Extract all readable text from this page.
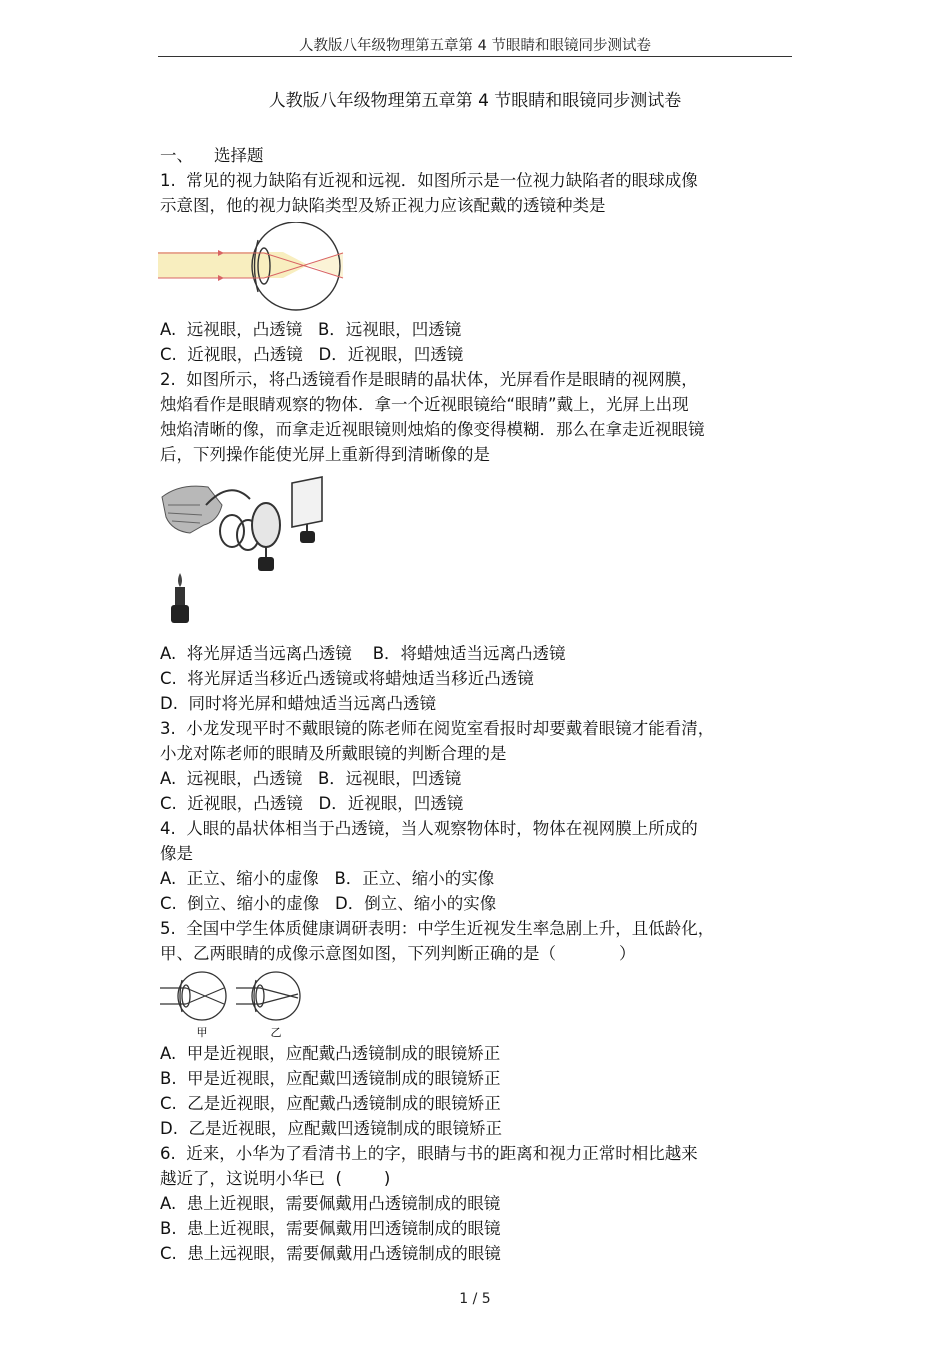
人教版八年级物理第五章第 4 节眼睛和眼镜同步测试卷
人教版八年级物理第五章第 4 节眼睛和眼镜同步测试卷
一、    选择题
1.  常见的视力缺陷有近视和远视．如图所示是一位视力缺陷者的眼球成像
示意图，他的视力缺陷类型及矫正视力应该配戴的透镜种类是
A.  远视眼，凸透镜   B．远视眼，凹透镜
C.  近视眼，凸透镜   D．近视眼，凹透镜
2.  如图所示，将凸透镜看作是眼睛的晶状体，光屏看作是眼睛的视网膜，
烛焰看作是眼睛观察的物体．拿一个近视眼镜给“眼睛”戴上，光屏上出现
烛焰清晰的像，而拿走近视眼镜则烛焰的像变得模糊．那么在拿走近视眼镜
后，下列操作能使光屏上重新得到清晰像的是
A.  将光屏适当远离凸透镜    B．将蜡烛适当远离凸透镜
C.  将光屏适当移近凸透镜或将蜡烛适当移近凸透镜
D.  同时将光屏和蜡烛适当远离凸透镜
3.  小龙发现平时不戴眼镜的陈老师在阅览室看报时却要戴着眼镜才能看清，
小龙对陈老师的眼睛及所戴眼镜的判断合理的是
A.  远视眼，凸透镜   B．远视眼，凹透镜
C.  近视眼，凸透镜   D．近视眼，凹透镜
4.  人眼的晶状体相当于凸透镜，当人观察物体时，物体在视网膜上所成的
像是
A.  正立、缩小的虚像   B．正立、缩小的实像
C.  倒立、缩小的虚像   D．倒立、缩小的实像
5.  全国中学生体质健康调研表明：中学生近视发生率急剧上升，且低龄化，
甲、乙两眼睛的成像示意图如图，下列判断正确的是（            ）
甲	乙
A.  甲是近视眼，应配戴凸透镜制成的眼镜矫正
B.  甲是近视眼，应配戴凹透镜制成的眼镜矫正
C.  乙是近视眼，应配戴凸透镜制成的眼镜矫正
D.  乙是近视眼，应配戴凹透镜制成的眼镜矫正
6.  近来，小华为了看清书上的字，眼睛与书的距离和视力正常时相比越来
越近了，这说明小华已  (        )
A.  患上近视眼，需要佩戴用凸透镜制成的眼镜
B.  患上近视眼，需要佩戴用凹透镜制成的眼镜
C.  患上远视眼，需要佩戴用凸透镜制成的眼镜
1 / 5
